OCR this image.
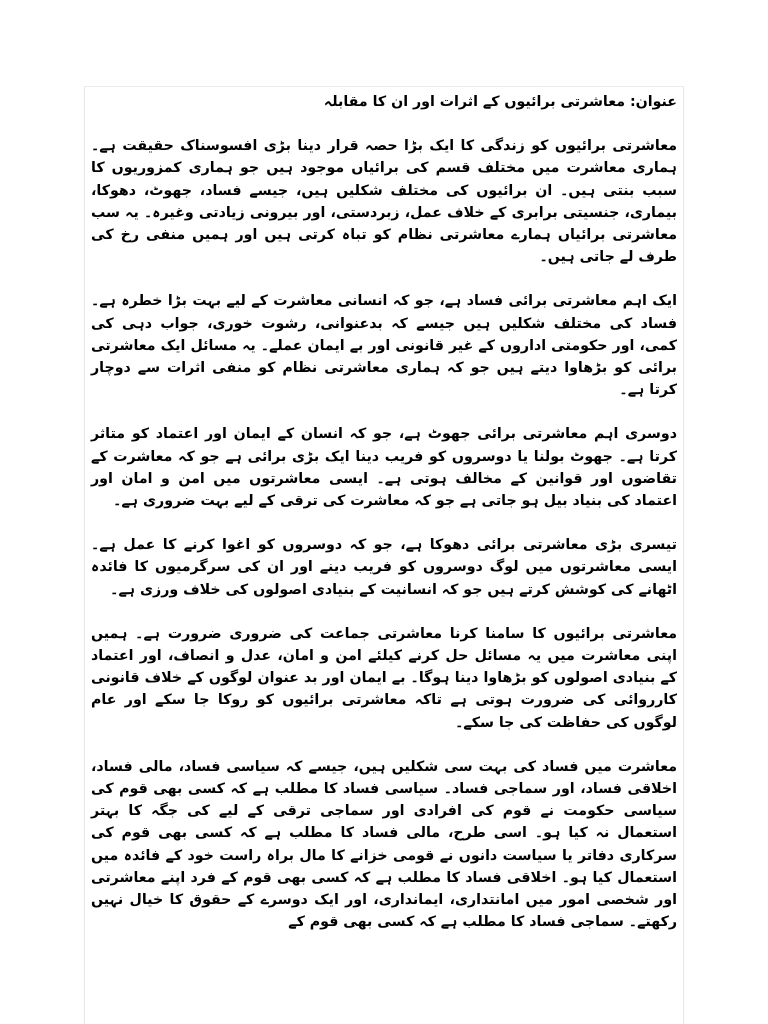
عنوان: معاشرتی برائیوں کے اثرات اور ان کا مقابلہ

معاشرتی برائیوں کو زندگی کا ایک بڑا حصہ قرار دینا بڑی افسوسناک حقیقت ہے۔ ہماری معاشرت میں مختلف قسم کی برائیاں موجود ہیں جو ہماری کمزوریوں کا سبب بنتی ہیں۔ ان برائیوں کی مختلف شکلیں ہیں، جیسے فساد، جھوٹ، دھوکا، بیماری، جنسیتی برابری کے خلاف عمل، زبردستی، اور بیرونی زیادتی وغیرہ۔ یہ سب معاشرتی برائیاں ہمارے معاشرتی نظام کو تباہ کرتی ہیں اور ہمیں منفی رخ کی طرف لے جاتی ہیں۔

ایک اہم معاشرتی برائی فساد ہے، جو کہ انسانی معاشرت کے لیے بہت بڑا خطرہ ہے۔ فساد کی مختلف شکلیں ہیں جیسے کہ بدعنوانی، رشوت خوری، جواب دہی کی کمی، اور حکومتی اداروں کے غیر قانونی اور بے ایمان عملے۔ یہ مسائل ایک معاشرتی برائی کو بڑھاوا دیتے ہیں جو کہ ہماری معاشرتی نظام کو منفی اثرات سے دوچار کرتا ہے۔

دوسری اہم معاشرتی برائی جھوٹ ہے، جو کہ انسان کے ایمان اور اعتماد کو متاثر کرتا ہے۔ جھوٹ بولنا یا دوسروں کو فریب دینا ایک بڑی برائی ہے جو کہ معاشرت کے تقاضوں اور قوانین کے مخالف ہوتی ہے۔ ایسی معاشرتوں میں امن و امان اور اعتماد کی بنیاد بیل ہو جاتی ہے جو کہ معاشرت کی ترقی کے لیے بہت ضروری ہے۔

تیسری بڑی معاشرتی برائی دھوکا ہے، جو کہ دوسروں کو اغوا کرنے کا عمل ہے۔ ایسی معاشرتوں میں لوگ دوسروں کو فریب دینے اور ان کی سرگرمیوں کا فائدہ اٹھانے کی کوشش کرتے ہیں جو کہ انسانیت کے بنیادی اصولوں کی خلاف ورزی ہے۔

معاشرتی برائیوں کا سامنا کرنا معاشرتی جماعت کی ضروری ضرورت ہے۔ ہمیں اپنی معاشرت میں یہ مسائل حل کرنے کیلئے امن و امان، عدل و انصاف، اور اعتماد کے بنیادی اصولوں کو بڑھاوا دینا ہوگا۔ بے ایمان اور بد عنوان لوگوں کے خلاف قانونی کارروائی کی ضرورت ہوتی ہے تاکہ معاشرتی برائیوں کو روکا جا سکے اور عام لوگوں کی حفاظت کی جا سکے۔

معاشرت میں فساد کی بہت سی شکلیں ہیں، جیسے کہ سیاسی فساد، مالی فساد، اخلاقی فساد، اور سماجی فساد۔ سیاسی فساد کا مطلب ہے کہ کسی بھی قوم کی سیاسی حکومت نے قوم کی افرادی اور سماجی ترقی کے لیے کی جگہ کا بہتر استعمال نہ کیا ہو۔ اسی طرح، مالی فساد کا مطلب ہے کہ کسی بھی قوم کی سرکاری دفاتر یا سیاست دانوں نے قومی خزانے کا مال براہ راست خود کے فائدہ میں استعمال کیا ہو۔ اخلاقی فساد کا مطلب ہے کہ کسی بھی قوم کے فرد اپنے معاشرتی اور شخصی امور میں امانتداری، ایمانداری، اور ایک دوسرے کے حقوق کا خیال نہیں رکھتے۔ سماجی فساد کا مطلب ہے کہ کسی بھی قوم کے
